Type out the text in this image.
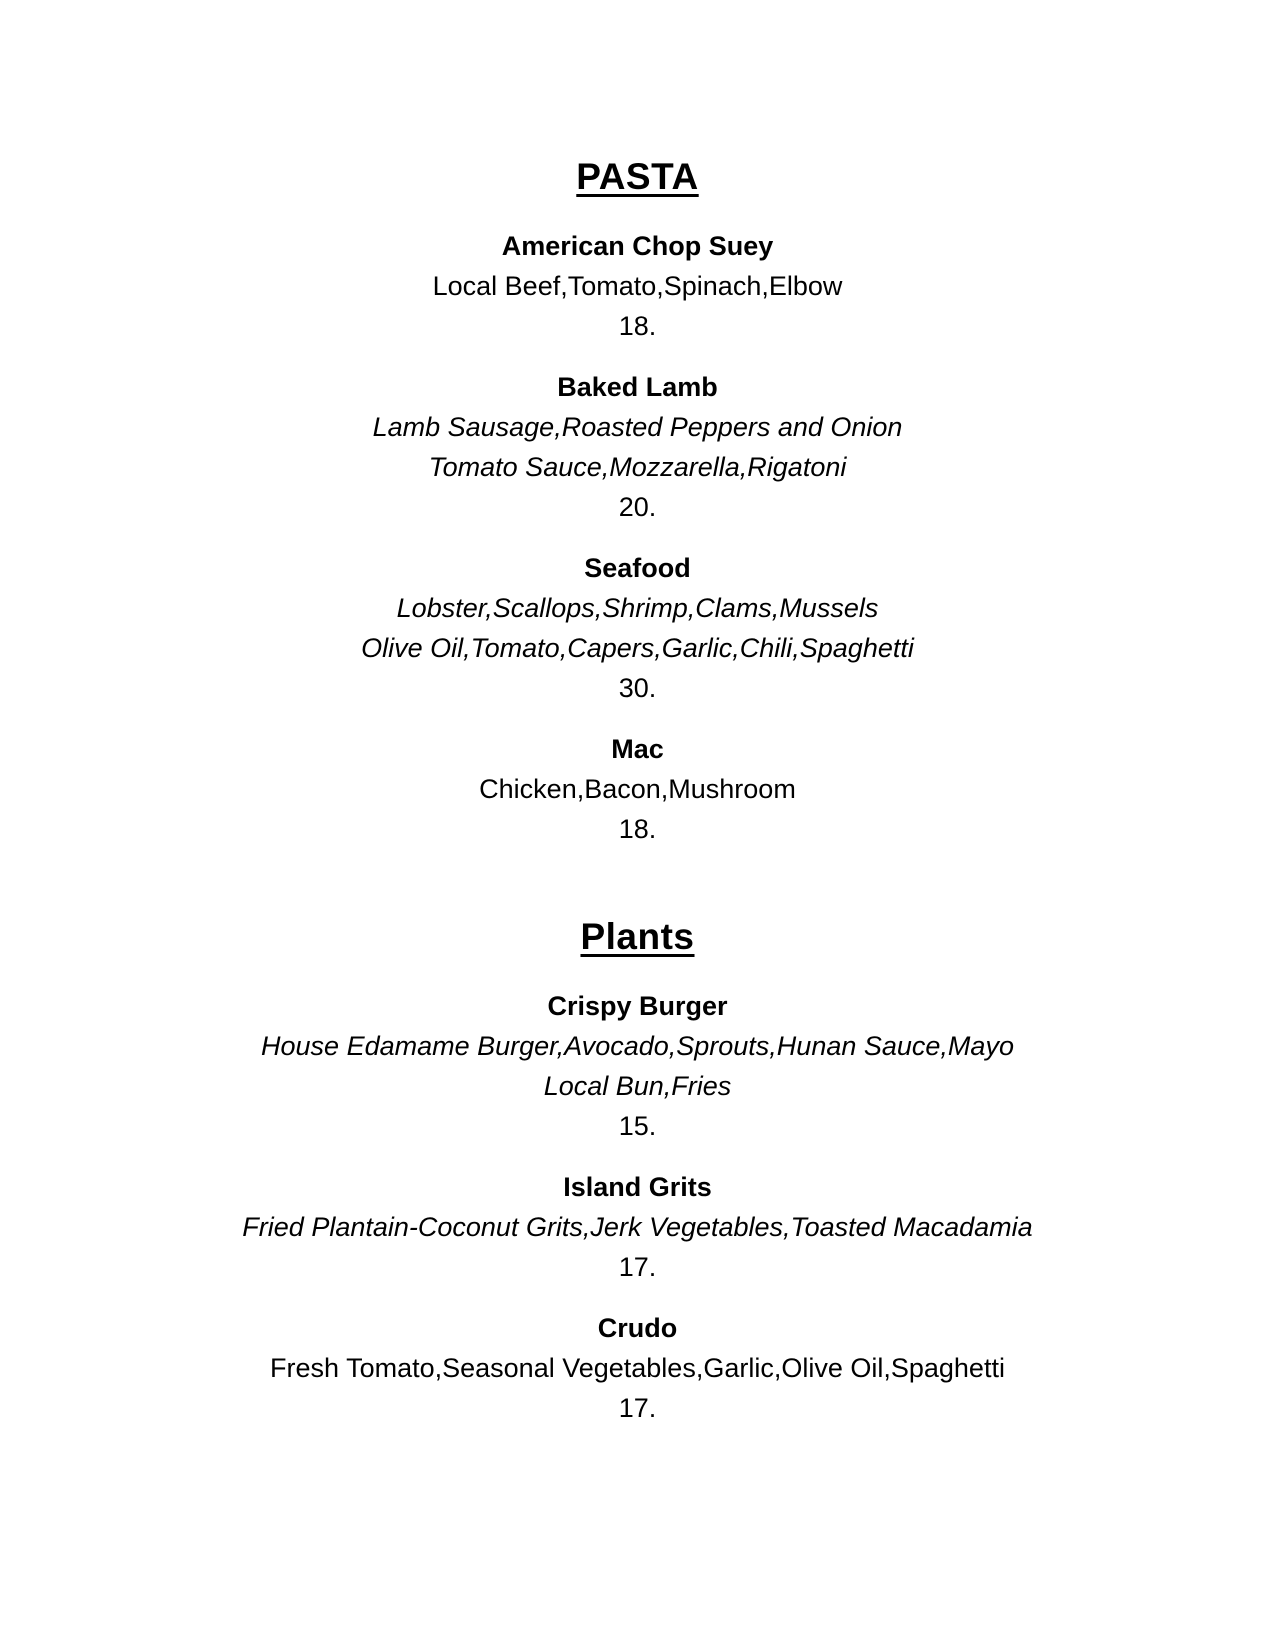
PASTA
American Chop Suey
Local Beef,Tomato,Spinach,Elbow
18.
Baked Lamb
Lamb Sausage,Roasted Peppers and Onion
Tomato Sauce,Mozzarella,Rigatoni
20.
Seafood
Lobster,Scallops,Shrimp,Clams,Mussels
Olive Oil,Tomato,Capers,Garlic,Chili,Spaghetti
30.
Mac
Chicken,Bacon,Mushroom
18.
Plants
Crispy Burger
House Edamame Burger,Avocado,Sprouts,Hunan Sauce,Mayo
Local Bun,Fries
15.
Island Grits
Fried Plantain-Coconut Grits,Jerk Vegetables,Toasted Macadamia
17.
Crudo
Fresh Tomato,Seasonal Vegetables,Garlic,Olive Oil,Spaghetti
17.
